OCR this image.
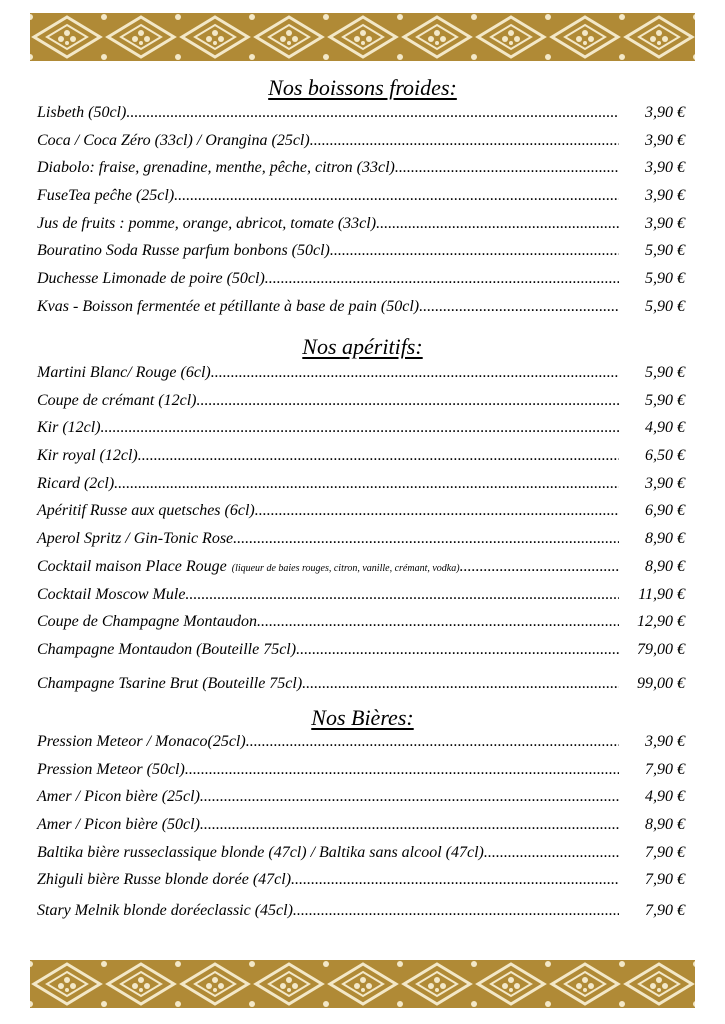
Nos boissons froides:
Lisbeth (50cl) .....	3,90 €
Coca / Coca Zéro (33cl) / Orangina (25cl) .....	3,90 €
Diabolo: fraise, grenadine, menthe, pêche, citron (33cl) .....	3,90 €
FuseTea peĉhe (25cl) .....	3,90 €
Jus de fruits : pomme, orange, abricot, tomate (33cl) .....	3,90 €
Bouratino Soda Russe parfum bonbons (50cl) .....	5,90 €
Duchesse Limonade de poire (50cl) .....	5,90 €
Kvas - Boisson fermentée et pétillante à base de pain (50cl) .....	5,90 €
Nos apéritifs:
Martini Blanc/ Rouge (6cl) .....	5,90 €
Coupe de crémant (12cl) .....	5,90 €
Kir (12cl) .....	4,90 €
Kir royal (12cl) .....	6,50 €
Ricard (2cl) .....	3,90 €
Apéritif Russe aux quetsches (6cl) .....	6,90 €
Aperol Spritz / Gin-Tonic Rose .....	8,90 €
Cocktail maison Place Rouge (liqueur de baies rouges, citron, vanille, crémant, vodka) .....	8,90 €
Cocktail Moscow Mule .....	11,90 €
Coupe de Champagne Montaudon .....	12,90 €
Champagne Montaudon (Bouteille 75cl) .....	79,00 €
Champagne Tsarine Brut (Bouteille 75cl) .....	99,00 €
Nos Bières:
Pression Meteor / Monaco(25cl) .....	3,90 €
Pression Meteor (50cl) .....	7,90 €
Amer / Picon bière (25cl) .....	4,90 €
Amer / Picon bière (50cl) .....	8,90 €
Baltika bière russeclassique blonde (47cl) / Baltika sans alcool (47cl) .....	7,90 €
Zhiguli bière Russe blonde dorée (47cl) .....	7,90 €
Stary Melnik blonde doréeclassic (45cl) .....	7,90 €
